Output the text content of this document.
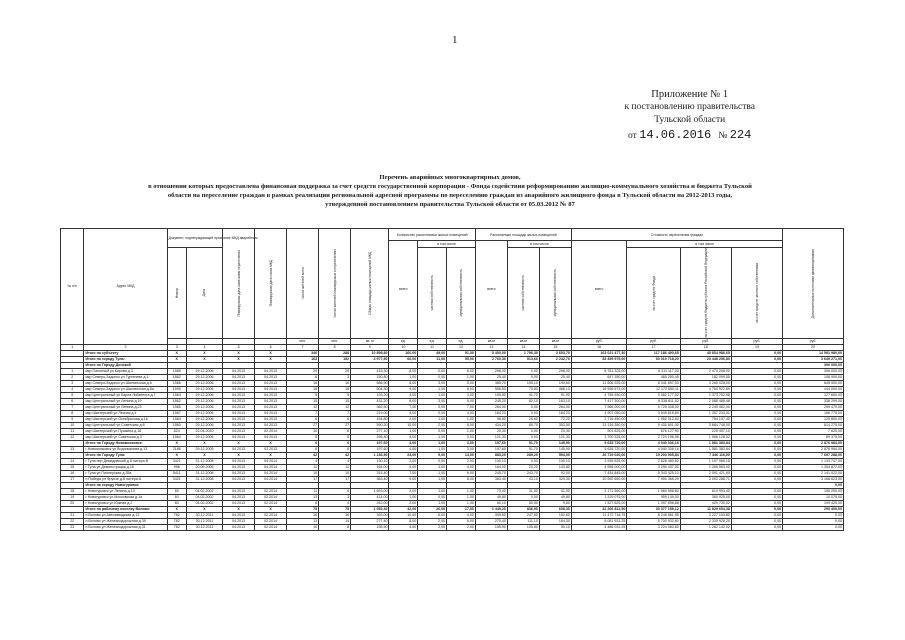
1
Приложение № 1
к постановлению правительства
Тульской области
от 14.06.2016 № 224
Перечень аварийных многоквартирных домов,
в отношении которых предоставлена финансовая поддержка за счет средств государственной корпорации - Фонда содействия реформированию жилищно-коммунального хозяйства и бюджета Тульской
области на переселение граждан в рамках реализации региональной адресной программы по переселению граждан из аварийного жилищного фонда в Тульской области на 2012-2013 годы,
утвержденной постановлением правительства Тульской области от 05.03.2012 № 87
№ п/п	Адрес МКД	Документ, подтверждающий признание МКД аварийным		Планируемая дата окончания переселения	Планируемая дата сноса МКД	Число жителей всего	Число жителей планируемых к переселению	Общая площадь жилых помещений МКД	Количество расселяемых жилых помещений			Расселяемая площадь жилых помещений			Стоимость переселения граждан				Дополнительные источники финансирования

									всего	в том числе		всего	в том числе		всего	в том числе			

		Номер	Дата							частная собственность	муниципальная собственность		частная собственность	муниципальная собственность		за счет средств Фонда	за счет средств бюджета субъекта Российской Федерации	за счет средств частного собственника	

						чел.	чел.	кв. м	ед.	ед.	ед.	кв.м	кв.м	кв.м	руб.	руб.	руб.	руб.	руб.
1	2	3	4	5	6	7	8	9	10	11	12	13	14	15	16	17	18	19	20
	Итого по субъекту	X	X	X	X	346	288	10 899,80	160,00	49,00	91,00	5 400,00	1 796,30	3 603,70	163 021 477,30	117 186 490,65	45 834 986,65	0,00	14 591 980,00
	Итого по городу Тула:	X	X	X	X	163	152	4 977,50	66,00	11,00	55,00	2 760,30	513,60	2 242,70	83 459 975,00	60 010 718,20	23 448 256,80	0,00	3 649 271,00
	Итого по Городу Донской																		306 000,00
1	мкр Пахотный ул Кирова д.3	1585	29.12.2006	04.2013	04.2013	29	29	415,30	8,00	0,00	8,00	298,30	0,00	298,30	8 781 325,00	6 311 117,00	2 470 208,00	0,00	306 000,00
2	мкр Северо-Задонск ул Тургенева д.1	1582	29.12.2006	04.2013	04.2013	6	3	150,80	1,00	0,00	1,00	25,40	0,00	25,40	647 350,00	465 250,45	182 099,55	0,00	108 900,00
3	мкр Северо-Задонск ул Шахтинская д.6	1566	29.12.2006	04.2013	04.2013	16	16	586,90	8,00	3,00	5,00	385,70	195,10	190,60	11 606 925,00	8 341 897,00	3 265 028,00	0,00	645 500,00
4	мкр Северо-Задонск ул Шахтинская д.8а	1590	29.12.2006	04.2013	04.2013	18	18	504,30	9,00	1,00	8,00	556,90	70,80	486,10	16 936 573,00	12 172 650,11	4 764 922,89	0,00	444 000,00
5	мкр Центральный ул Карла Либкнехта д.7	1564	29.12.2006	04.2013	04.2013	5	5	193,20	4,00	1,00	3,00	155,80	41,70	91,90	4 755 930,00	3 382 177,02	1 373 752,98	0,00	127 650,00
6	мкр Центральный ул Ленина д.19	1562	29.12.2006	04.2013	04.2013	15	15	431,20	8,00	3,00	5,00	245,20	82,10	163,10	7 417 300,00	5 338 811,52	2 088 488,48	0,00	338 299,00
7	мкр Центральный ул Ленина д.23	1565	29.12.2006	04.2013	04.2013	12	12	362,50	7,00	0,00	7,00	264,00	0,00	264,00	7 966 000,00	5 725 538,00	2 240 462,00	0,00	299 479,00
8	мкр Шахтерский ул Лесная д.4	1567	29.12.2006	04.2013	04.2013	7	7	219,00	4,00	0,00	4,00	164,20	0,00	164,20	4 907 050,00	3 549 816,69	1 357 233,31	0,00	166 775,00
9	мкр Шахтерский ул Октябрьская д.16	1584	29.12.2006	04.2013	04.2013	6	6	154,80	2,00	1,00	1,00	98,80	26,60	72,20	2 716 450,00	1 952 312,60	764 137,40	0,00	125 850,00
10	мкр Центральный ул Советская д.6	1560	29.12.2006	04.2013	04.2013	27	27	590,20	10,00	2,00	8,00	434,20	80,70	353,50	13 134 350,00	9 430 601,00	3 684 748,00	0,00	614 275,00
11	мкр Шахтерский ул Пушкина д.18	624	22.04.2010	04.2013	02.2014	10	8	277,10	1,00	0,00	1,00	20,30	0,00	20,30	901 625,00	676 127,90	225 497,10	0,00	7 625,00
12	мкр Шахтерский ул Советская д.3	1564	29.12.2006	04.2013	04.2013	6	6	295,40	4,00	1,00	3,00	121,30	0,00	121,30	3 700 325,00	2 724 196,98	1 066 128,02	0,00	89 375,00
	Итого по Городу Новомосковск:	X	X	X	X	6	6	197,60	4,00	1,00	3,00	197,60	51,70	145,90	5 635 720,00	4 040 336,16	1 581 383,84	0,00	2 876 984,00
13	г Новомосковск ул Водопьянова д.13	2186	29.12.2005	04.2013	03.2013	6	6	197,60	4,00	1,00	3,00	197,60	51,70	145,90	5 635 720,00	4 040 336,16	1 581 383,84	0,00	2 876 984,00
	Итого по Городу Тула:	X	X	X	X	42	42	1 136,90	23,00	9,00	14,00	883,20	289,20	594,00	26 719 020,00	19 203 905,84	7 346 116,00	0,00	7 697 288,00
14	г Тула пер Демидовский д.8 литера В	3421	31.12.2008	04.2013	04.2014	4	4	130,10	2,00	0,00	2,00	130,10	0,00	130,10	3 935 525,00	2 828 460,82	1 107 065,18	0,00	1 133 747,00
15	г Тула ул Демонстрации д.16	996	20.09.2005	04.2013	04.2014	11	11	164,00	5,00	1,00	4,00	164,00	20,20	143,80	4 556 000,00	3 290 437,00	1 265 563,00	0,00	1 354 872,00
16	г Тула ул Пионерская д.35а	5411	31.12.2008	04.2013	04.2014	10	10	315,40	7,00	1,00	6,00	245,70	243,70	92,00	7 434 845,00	5 343 425,10	2 091 421,90	0,00	2 141 022,00
17	п Победа ул Фрунзе д.8 литера А	3421	31.12.2008	04.2013	04.2014	17	17	363,40	9,00	1,00	8,00	363,40	43,10	320,30	10 992 650,00	7 900 365,29	3 092 288,71	0,00	3 168 623,00
	Итого по городу Новогуровск:																		0,00
18	г Новогуровск ул Ленина д.10	60	04.02.2002	04.2013	02.2014	11	6	1 693,00	2,00	1,00	1,00	73,40	31,50	41,90	2 171 590,00	1 560 596,60	610 993,40	0,00	150 250,00
19	г Новогуровск ул Московская д.1а	60	04.02.2002	04.2013	02.2014	13	3	414,00	1,00	0,00	1,00	49,80	0,00	49,80	1 319 075,00	959 149,00	360 925,00	0,00	10 075,00
20	г Новогуровск ул Южная д.2	60	04.02.2002	04.2013	02.2014	8	4	242,00	2,00	1,00	1,00	60,10	50,50	9,60	1 527 625,00	1 097 896,88	429 730,02	0,00	199 425,00
	Итого по рабочему поселку Волово:	X	X	X	X	75	75	1 052,40	42,00	26,00	17,00	1 449,20	836,90	608,30	42 206 812,50	30 377 158,12	11 829 654,38	0,00	290 400,00
21	п Волово ул Автозаводская д.12	782	30.12.2011	04.2013	02.2014	16	16	393,00	10,00	6,00	4,00	399,60	247,50	152,60	11 472 718,75	8 245 561,95	3 227 153,80	0,00	0,00
22	п Волово ул Железнодорожная д.39	782	30.12.2011	04.2013	02.2014	13	14	277,40	8,00	2,00	6,00	275,40	111,10	164,30	8 081 931,25	5 700 932,80	2 330 928,20	0,00	0,00
23	п Волово ул Железнодорожная д.31	782	30.12.2011	04.2013	02.2014	10	8	155,90	4,00	2,00	2,00	155,90	105,80	50,10	4 486 031,25	3 224 083,60	1 262 142,02	0,00	0,00
